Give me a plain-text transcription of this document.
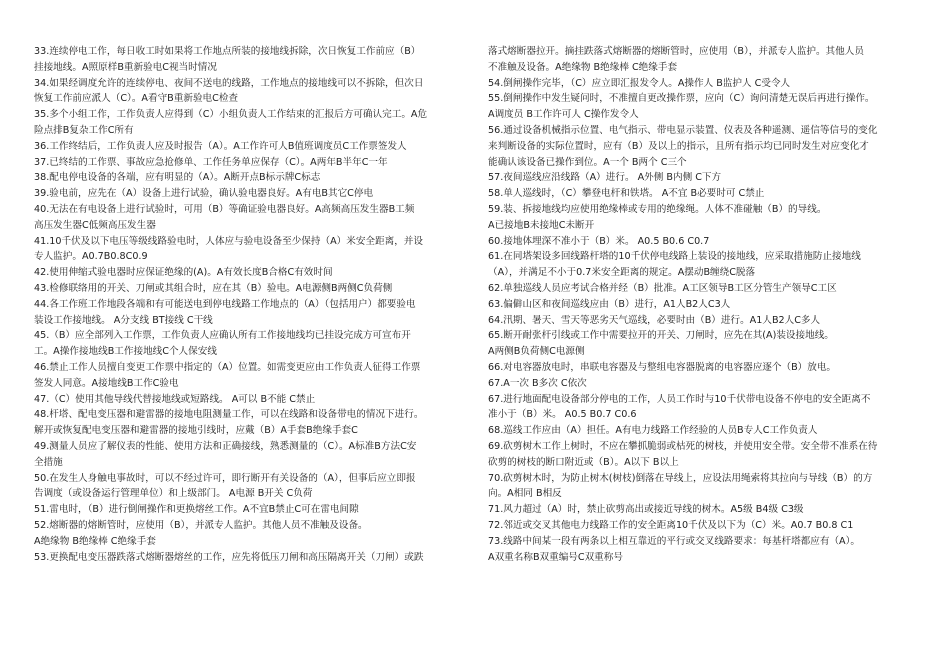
33.连续停电工作，每日收工时如果将工作地点所装的接地线拆除，次日恢复工作前应（B）
挂接地线。A照原样B重新验电C视当时情况
34.如果经调度允许的连续停电、夜间不送电的线路，工作地点的接地线可以不拆除，但次日
恢复工作前应派人（C）。A看守B重新验电C检查
35.多个小组工作，工作负责人应得到（C）小组负责人工作结束的汇报后方可确认完工。A危
险点排B复杂工作C所有
36.工作终结后，工作负责人应及时报告（A）。A工作许可人B值班调度员C工作票签发人
37.已终结的工作票、事故应急抢修单、工作任务单应保存（C）。A两年B半年C一年
38.配电停电设备的各端，应有明显的（A）。A断开点B标示牌C标志
39.验电前，应先在（A）设备上进行试验，确认验电器良好。A有电B其它C停电
40.无法在有电设备上进行试验时，可用（B）等确证验电器良好。A高频高压发生器B工频
高压发生器C低频高压发生器
41.10千伏及以下电压等级线路验电时，人体应与验电设备至少保持（A）米安全距离，并设
专人监护。A0.7B0.8C0.9
42.使用伸缩式验电器时应保证绝缘的(A)。A有效长度B合格C有效时间
43.检修联络用的开关、刀闸或其组合时，应在其（B）验电。A电源侧B两侧C负荷侧
44.各工作班工作地段各端和有可能送电到停电线路工作地点的（A）（包括用户）都要验电
装设工作接地线。 A分支线 BT接线 C干线
45.（B）应全部列入工作票，工作负责人应确认所有工作接地线均已挂设完成方可宣布开
工。A操作接地线B工作接地线C个人保安线
46.禁止工作人员擅自变更工作票中指定的（A）位置。如需变更应由工作负责人征得工作票
签发人同意。A接地线B工作C验电
47.（C）使用其他导线代替接地线或短路线。 A可以 B不能 C禁止
48.杆塔、配电变压器和避雷器的接地电阻测量工作，可以在线路和设备带电的情况下进行。
解开或恢复配电变压器和避雷器的接地引线时，应戴（B）A手套B绝缘手套C
49.测量人员应了解仪表的性能、使用方法和正确接线，熟悉测量的（C）。A标准B方法C安
全措施
50.在发生人身触电事故时，可以不经过许可，即行断开有关设备的（A），但事后应立即报
告调度（或设备运行管理单位）和上级部门。 A电源 B开关 C负荷
51.雷电时，（B）进行倒闸操作和更换熔丝工作。A不宜B禁止C可在雷电间隙
52.熔断器的熔断管时，应使用（B），并派专人监护。其他人员不准触及设备。
A绝缘物 B绝缘棒 C绝缘手套
53.更换配电变压器跌落式熔断器熔丝的工作，应先将低压刀闸和高压隔离开关（刀闸）或跌
落式熔断器拉开。摘挂跌落式熔断器的熔断管时，应使用（B），并派专人监护。其他人员
不准触及设备。A绝缘物 B绝缘棒 C绝缘手套
54.倒闸操作完毕，（C）应立即汇报发令人。A操作人 B监护人 C受令人
55.倒闸操作中发生疑问时，不准擅自更改操作票，应向（C）询问清楚无误后再进行操作。
A调度员 B工作许可人 C操作发令人
56.通过设备机械指示位置、电气指示、带电显示装置、仪表及各种遥测、遥信等信号的变化
来判断设备的实际位置时，应有（B）及以上的指示，且所有指示均已同时发生对应变化才
能确认该设备已操作到位。A一个 B两个 C三个
57.夜间巡线应沿线路（A）进行。 A外侧 B内侧 C下方
58.单人巡线时，（C）攀登电杆和铁塔。 A不宜 B必要时可 C禁止
59.装、拆接地线均应使用绝缘棒或专用的绝缘绳。人体不准碰触（B）的导线。
A已接地B未接地C未断开
60.接地体埋深不准小于（B）米。 A0.5 B0.6 C0.7
61.在同塔架设多回线路杆塔的10千伏停电线路上装设的接地线，应采取措施防止接地线
（A），并满足不小于0.7米安全距离的规定。A摆动B缠绕C脱落
62.单独巡线人员应考试合格并经（B）批准。A工区领导B工区分管生产领导C工区
63.偏僻山区和夜间巡线应由（B）进行，A1人B2人C3人
64.汛期、暑天、雪天等恶劣天气巡线，必要时由（B）进行。A1人B2人C多人
65.断开耐张杆引线或工作中需要拉开的开关、刀闸时，应先在其(A)装设接地线。
A两侧B负荷侧C电源侧
66.对电容器放电时，串联电容器及与整组电容器脱离的电容器应逐个（B）放电。
67.A一次 B多次 C依次
67.进行地面配电设备部分停电的工作，人员工作时与10千伏带电设备不停电的安全距离不
准小于（B）米。 A0.5 B0.7 C0.6
68.巡线工作应由（A）担任。A有电力线路工作经验的人员B专人C工作负责人
69.砍剪树木工作上树时，不应在攀抓脆弱或枯死的树枝，并使用安全带。安全带不准系在待
砍剪的树枝的断口附近或（B）。A以下 B以上
70.砍剪树木时，为防止树木(树枝)倒落在导线上，应设法用绳索将其拉向与导线（B）的方
向。A相同 B相反
71.风力超过（A）时，禁止砍剪高出或接近导线的树木。A5级 B4级 C3级
72.邻近或交叉其他电力线路工作的安全距离10千伏及以下为（C）米。A0.7 B0.8 C1
73.线路中间某一段有两条以上相互靠近的平行或交叉线路要求：每基杆塔都应有（A）。
A双重名称B双重编号C双重称号
